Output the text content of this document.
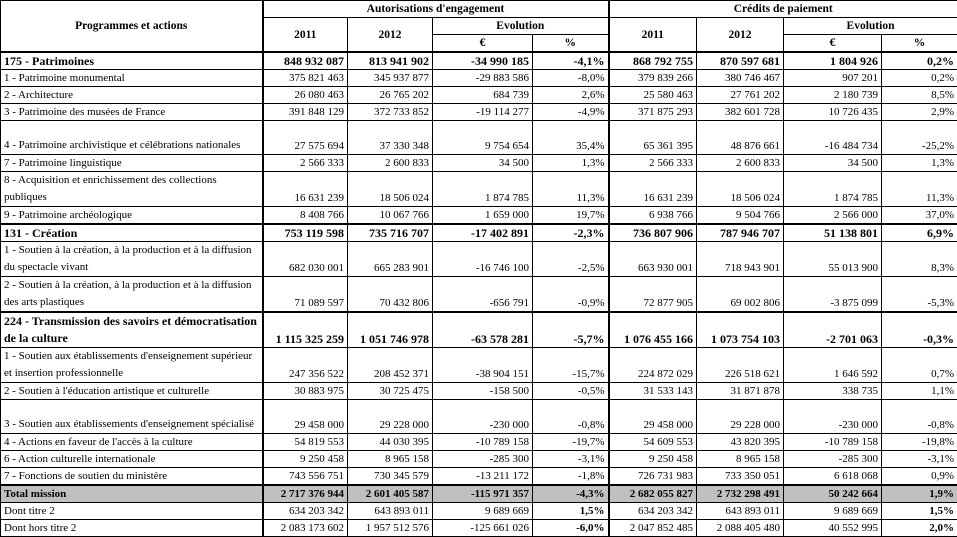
Programmes et actions	Autorisations d'engagement				Crédits de paiement			
	2011	2012	Evolution		2011	2012	Evolution	
			€	%			€	%
175 - Patrimoines	848 932 087	813 941 902	-34 990 185	-4,1%	868 792 755	870 597 681	1 804 926	0,2%
1 - Patrimoine monumental	375 821 463	345 937 877	-29 883 586	-8,0%	379 839 266	380 746 467	907 201	0,2%
2 - Architecture	26 080 463	26 765 202	684 739	2,6%	25 580 463	27 761 202	2 180 739	8,5%
3 - Patrimoine des musées de France	391 848 129	372 733 852	-19 114 277	-4,9%	371 875 293	382 601 728	10 726 435	2,9%
4 - Patrimoine archivistique et célébrations nationales	27 575 694	37 330 348	9 754 654	35,4%	65 361 395	48 876 661	-16 484 734	-25,2%
7 - Patrimoine linguistique	2 566 333	2 600 833	34 500	1,3%	2 566 333	2 600 833	34 500	1,3%
8 - Acquisition et enrichissement des collections publiques	16 631 239	18 506 024	1 874 785	11,3%	16 631 239	18 506 024	1 874 785	11,3%
9 - Patrimoine archéologique	8 408 766	10 067 766	1 659 000	19,7%	6 938 766	9 504 766	2 566 000	37,0%
131 - Création	753 119 598	735 716 707	-17 402 891	-2,3%	736 807 906	787 946 707	51 138 801	6,9%
1 - Soutien à la création, à la production et à la diffusion du spectacle vivant	682 030 001	665 283 901	-16 746 100	-2,5%	663 930 001	718 943 901	55 013 900	8,3%
2 - Soutien à la création, à la production et à la diffusion des arts plastiques	71 089 597	70 432 806	-656 791	-0,9%	72 877 905	69 002 806	-3 875 099	-5,3%
224 - Transmission des savoirs et démocratisation de la culture	1 115 325 259	1 051 746 978	-63 578 281	-5,7%	1 076 455 166	1 073 754 103	-2 701 063	-0,3%
1 - Soutien aux établissements d'enseignement supérieur et insertion professionnelle	247 356 522	208 452 371	-38 904 151	-15,7%	224 872 029	226 518 621	1 646 592	0,7%
2 - Soutien à l'éducation artistique et culturelle	30 883 975	30 725 475	-158 500	-0,5%	31 533 143	31 871 878	338 735	1,1%
3 - Soutien aux établissements d'enseignement spécialisé	29 458 000	29 228 000	-230 000	-0,8%	29 458 000	29 228 000	-230 000	-0,8%
4 - Actions en faveur de l'accès à la culture	54 819 553	44 030 395	-10 789 158	-19,7%	54 609 553	43 820 395	-10 789 158	-19,8%
6 - Action culturelle internationale	9 250 458	8 965 158	-285 300	-3,1%	9 250 458	8 965 158	-285 300	-3,1%
7 - Fonctions de soutien du ministère	743 556 751	730 345 579	-13 211 172	-1,8%	726 731 983	733 350 051	6 618 068	0,9%
Total mission	2 717 376 944	2 601 405 587	-115 971 357	-4,3%	2 682 055 827	2 732 298 491	50 242 664	1,9%
Dont titre 2	634 203 342	643 893 011	9 689 669	1,5%	634 203 342	643 893 011	9 689 669	1,5%
Dont hors titre 2	2 083 173 602	1 957 512 576	-125 661 026	-6,0%	2 047 852 485	2 088 405 480	40 552 995	2,0%
